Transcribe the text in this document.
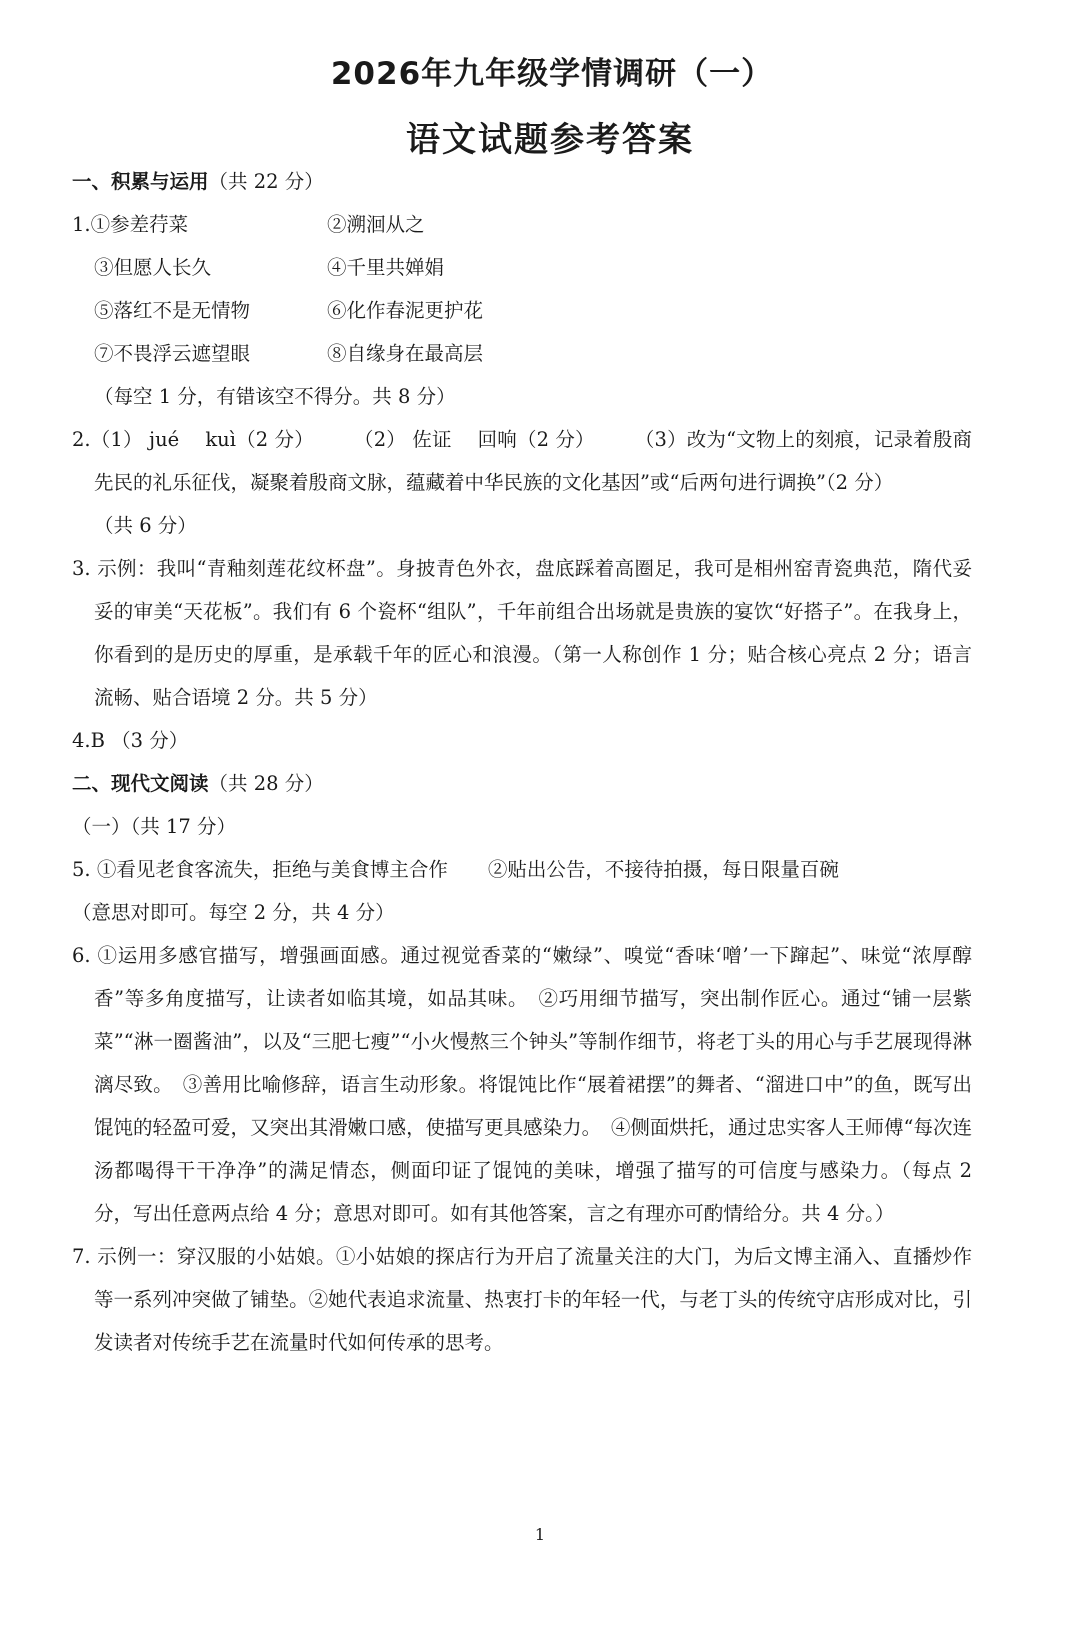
2026年九年级学情调研（一）
语文试题参考答案
一、积累与运用（共 22 分）
1.①参差荇菜	②溯洄从之
③但愿人长久	④千里共婵娟
⑤落红不是无情物	⑥化作春泥更护花
⑦不畏浮云遮望眼	⑧自缘身在最高层
（每空 1 分，有错该空不得分。共 8 分）
2.（1） jué　 kuì（2 分） （2） 佐证　 回响（2 分） （3）改为“文物上的刻痕，记录着殷商先民的礼乐征伐，凝聚着殷商文脉，蕴藏着中华民族的文化基因”或“后两句进行调换”（2 分）
（共 6 分）
3. 示例：我叫“青釉刻莲花纹杯盘”。身披青色外衣，盘底踩着高圈足，我可是相州窑青瓷典范，隋代妥妥的审美“天花板”。我们有 6 个瓷杯“组队”，千年前组合出场就是贵族的宴饮“好搭子”。在我身上，你看到的是历史的厚重，是承载千年的匠心和浪漫。（第一人称创作 1 分；贴合核心亮点 2 分；语言流畅、贴合语境 2 分。共 5 分）
4.B （3 分）
二、现代文阅读（共 28 分）
（一）（共 17 分）
5. ①看见老食客流失，拒绝与美食博主合作 ②贴出公告，不接待拍摄，每日限量百碗
（意思对即可。每空 2 分，共 4 分）
6. ①运用多感官描写，增强画面感。通过视觉香菜的“嫩绿”、嗅觉“香味‘噌’一下蹿起”、味觉“浓厚醇香”等多角度描写，让读者如临其境，如品其味。　②巧用细节描写，突出制作匠心。通过“铺一层紫菜”“淋一圈酱油”，以及“三肥七瘦”“小火慢熬三个钟头”等制作细节，将老丁头的用心与手艺展现得淋漓尽致。　③善用比喻修辞，语言生动形象。将馄饨比作“展着裙摆”的舞者、“溜进口中”的鱼，既写出馄饨的轻盈可爱，又突出其滑嫩口感，使描写更具感染力。　④侧面烘托，通过忠实客人王师傅“每次连汤都喝得干干净净”的满足情态，侧面印证了馄饨的美味，增强了描写的可信度与感染力。（每点 2 分，写出任意两点给 4 分；意思对即可。如有其他答案，言之有理亦可酌情给分。共 4 分。）
7. 示例一：穿汉服的小姑娘。①小姑娘的探店行为开启了流量关注的大门，为后文博主涌入、直播炒作等一系列冲突做了铺垫。②她代表追求流量、热衷打卡的年轻一代，与老丁头的传统守店形成对比，引发读者对传统手艺在流量时代如何传承的思考。
1
